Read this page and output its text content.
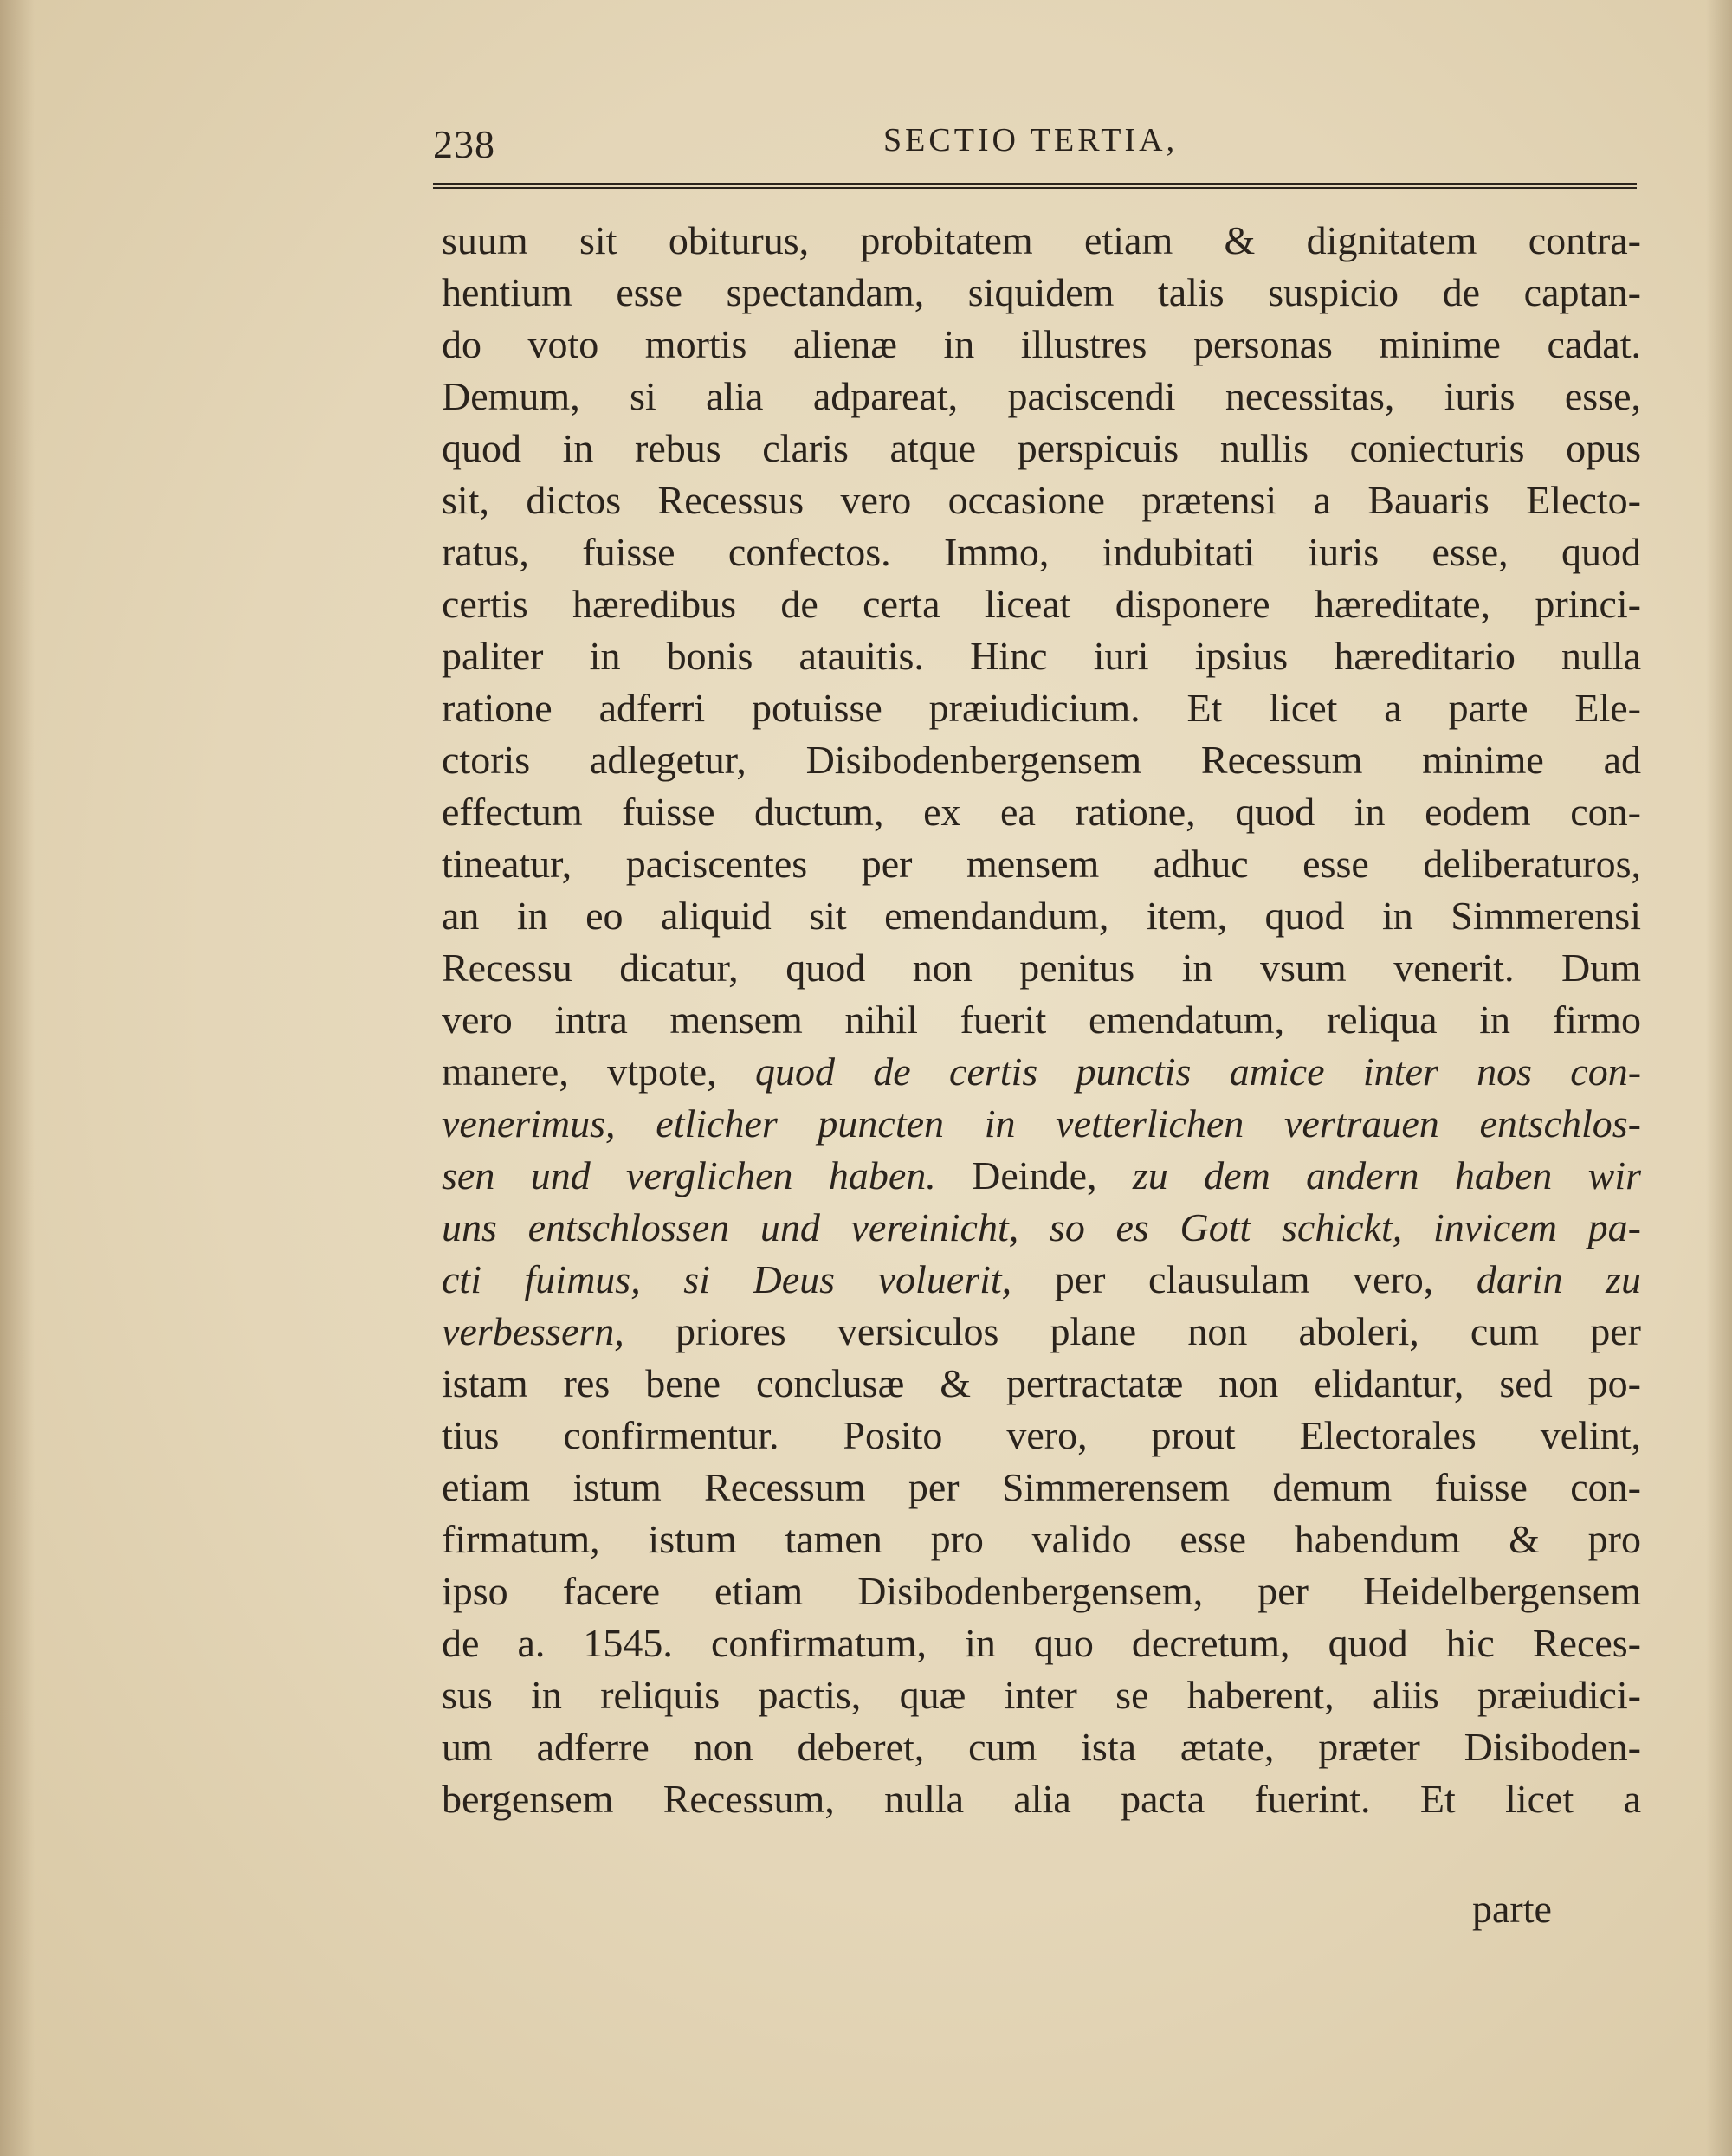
238	SECTIO TERTIA,
suum sit obiturus, probitatem etiam & dignitatem contra-
hentium esse spectandam, siquidem talis suspicio de captan-
do voto mortis alienæ in illustres personas minime cadat.
Demum, si alia adpareat, paciscendi necessitas, iuris esse,
quod in rebus claris atque perspicuis nullis coniecturis opus
sit, dictos Recessus vero occasione prætensi a Bauaris Electo-
ratus, fuisse confectos. Immo, indubitati iuris esse, quod
certis hæredibus de certa liceat disponere hæreditate, princi-
paliter in bonis atauitis. Hinc iuri ipsius hæreditario nulla
ratione adferri potuisse præiudicium. Et licet a parte Ele-
ctoris adlegetur, Disibodenbergensem Recessum minime ad
effectum fuisse ductum, ex ea ratione, quod in eodem con-
tineatur, paciscentes per mensem adhuc esse deliberaturos,
an in eo aliquid sit emendandum, item, quod in Simmerensi
Recessu dicatur, quod non penitus in vsum venerit. Dum
vero intra mensem nihil fuerit emendatum, reliqua in firmo
manere, vtpote, quod de certis punctis amice inter nos con-
venerimus, etlicher puncten in vetterlichen vertrauen entschlos-
sen und verglichen haben. Deinde, zu dem andern haben wir
uns entschlossen und vereinicht, so es Gott schickt, invicem pa-
cti fuimus, si Deus voluerit, per clausulam vero, darin zu
verbessern, priores versiculos plane non aboleri, cum per
istam res bene conclusæ & pertractatæ non elidantur, sed po-
tius confirmentur. Posito vero, prout Electorales velint,
etiam istum Recessum per Simmerensem demum fuisse con-
firmatum, istum tamen pro valido esse habendum & pro
ipso facere etiam Disibodenbergensem, per Heidelbergensem
de a. 1545. confirmatum, in quo decretum, quod hic Reces-
sus in reliquis pactis, quæ inter se haberent, aliis præiudici-
um adferre non deberet, cum ista ætate, præter Disiboden-
bergensem Recessum, nulla alia pacta fuerint. Et licet a
parte
